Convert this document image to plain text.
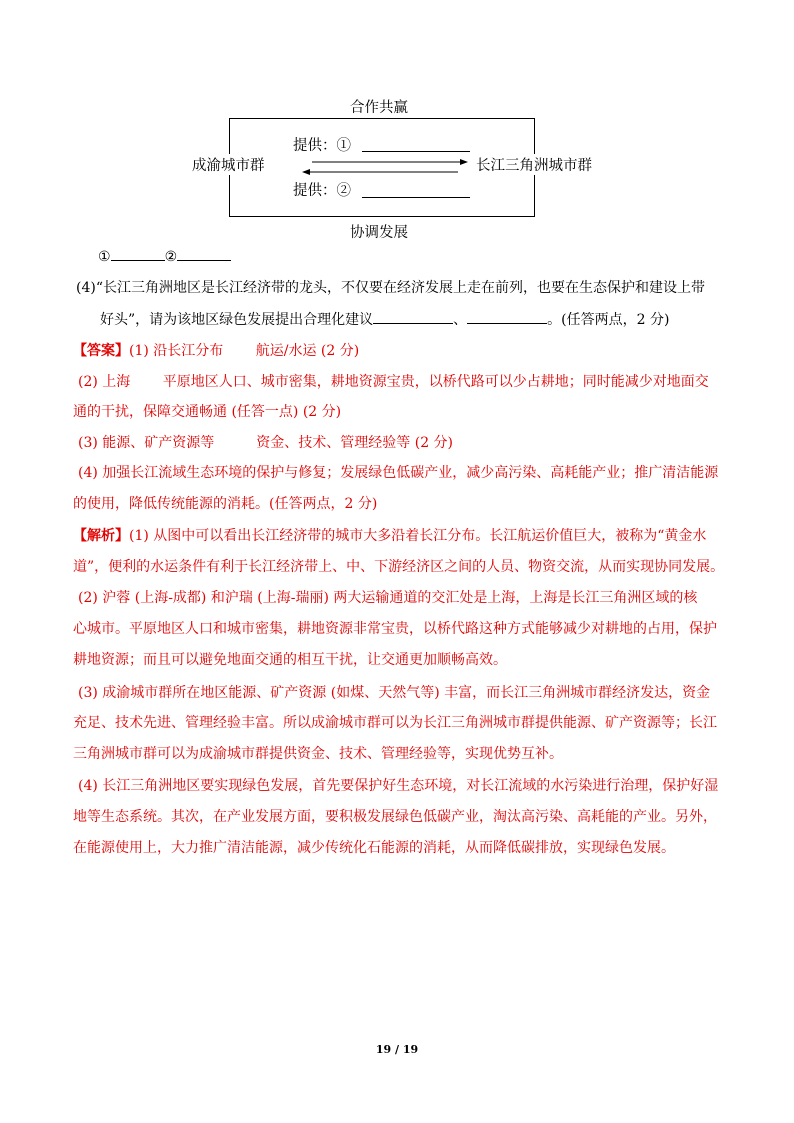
合作共赢
成渝城市群	长江三角洲城市群
提供：①
提供：②
协调发展
①	②
(4)“长江三角洲地区是长江经济带的龙头，不仅要在经济发展上走在前列，也要在生态保护和建设上带
好头”，请为该地区绿色发展提出合理化建议	、	。(任答两点，2 分)
【答案】(1) 沿长江分布　　 航运/水运 (2 分)
(2) 上海　　 平原地区人口、城市密集，耕地资源宝贵，以桥代路可以少占耕地；同时能减少对地面交
通的干扰，保障交通畅通 (任答一点) (2 分)
(3) 能源、矿产资源等　　　资金、技术、管理经验等 (2 分)
(4) 加强长江流域生态环境的保护与修复；发展绿色低碳产业，减少高污染、高耗能产业；推广清洁能源
的使用，降低传统能源的消耗。(任答两点，2 分)
【解析】(1) 从图中可以看出长江经济带的城市大多沿着长江分布。长江航运价值巨大，被称为“黄金水
道”，便利的水运条件有利于长江经济带上、中、下游经济区之间的人员、物资交流，从而实现协同发展。
(2) 沪蓉 (上海-成都) 和沪瑞 (上海-瑞丽) 两大运输通道的交汇处是上海，上海是长江三角洲区域的核
心城市。平原地区人口和城市密集，耕地资源非常宝贵，以桥代路这种方式能够减少对耕地的占用，保护
耕地资源；而且可以避免地面交通的相互干扰，让交通更加顺畅高效。
(3) 成渝城市群所在地区能源、矿产资源 (如煤、天然气等) 丰富，而长江三角洲城市群经济发达，资金
充足、技术先进、管理经验丰富。所以成渝城市群可以为长江三角洲城市群提供能源、矿产资源等；长江
三角洲城市群可以为成渝城市群提供资金、技术、管理经验等，实现优势互补。
(4) 长江三角洲地区要实现绿色发展，首先要保护好生态环境，对长江流域的水污染进行治理，保护好湿
地等生态系统。其次，在产业发展方面，要积极发展绿色低碳产业，淘汰高污染、高耗能的产业。另外，
在能源使用上，大力推广清洁能源，减少传统化石能源的消耗，从而降低碳排放，实现绿色发展。
19 / 19
